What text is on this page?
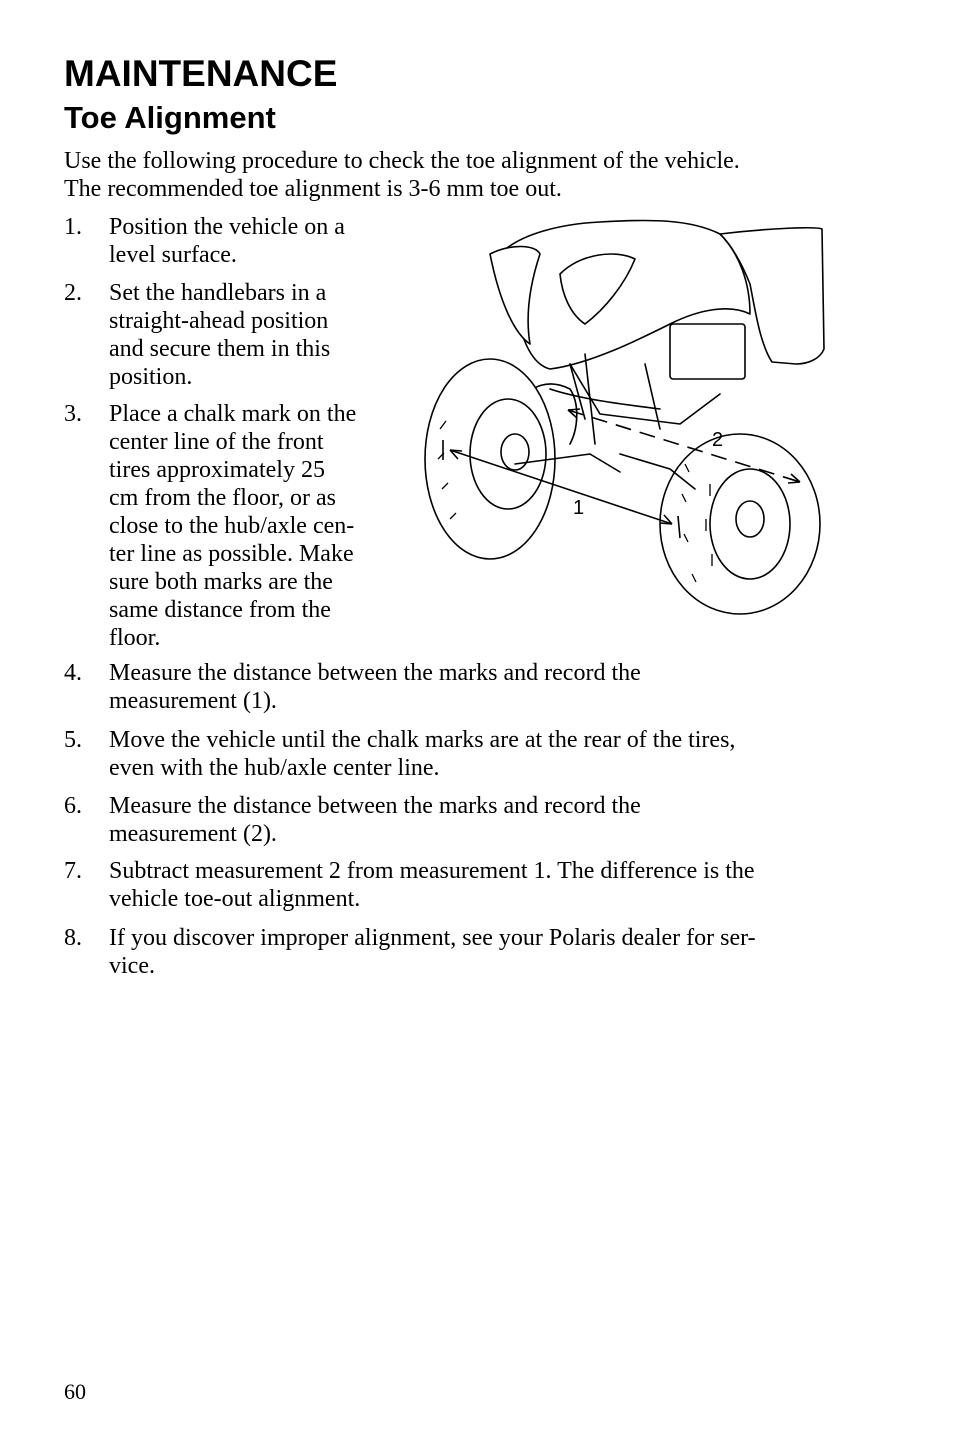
MAINTENANCE
Toe Alignment

Use the following procedure to check the toe alignment of the vehicle.
The recommended toe alignment is 3-6 mm toe out.

1.	Position the vehicle on a
level surface.
2.	Set the handlebars in a
straight-ahead position
and secure them in this
position.
3.	Place a chalk mark on the
center line of the front
tires approximately 25
cm from the floor, or as
close to the hub/axle cen-
ter line as possible. Make
sure both marks are the
same distance from the
floor.
4.	Measure the distance between the marks and record the
measurement (1).
5.	Move the vehicle until the chalk marks are at the rear of the tires,
even with the hub/axle center line.
6.	Measure the distance between the marks and record the
measurement (2).
7.	Subtract measurement 2 from measurement 1. The difference is the
vehicle toe-out alignment.
8.	If you discover improper alignment, see your Polaris dealer for ser-
vice.
1
2
60
